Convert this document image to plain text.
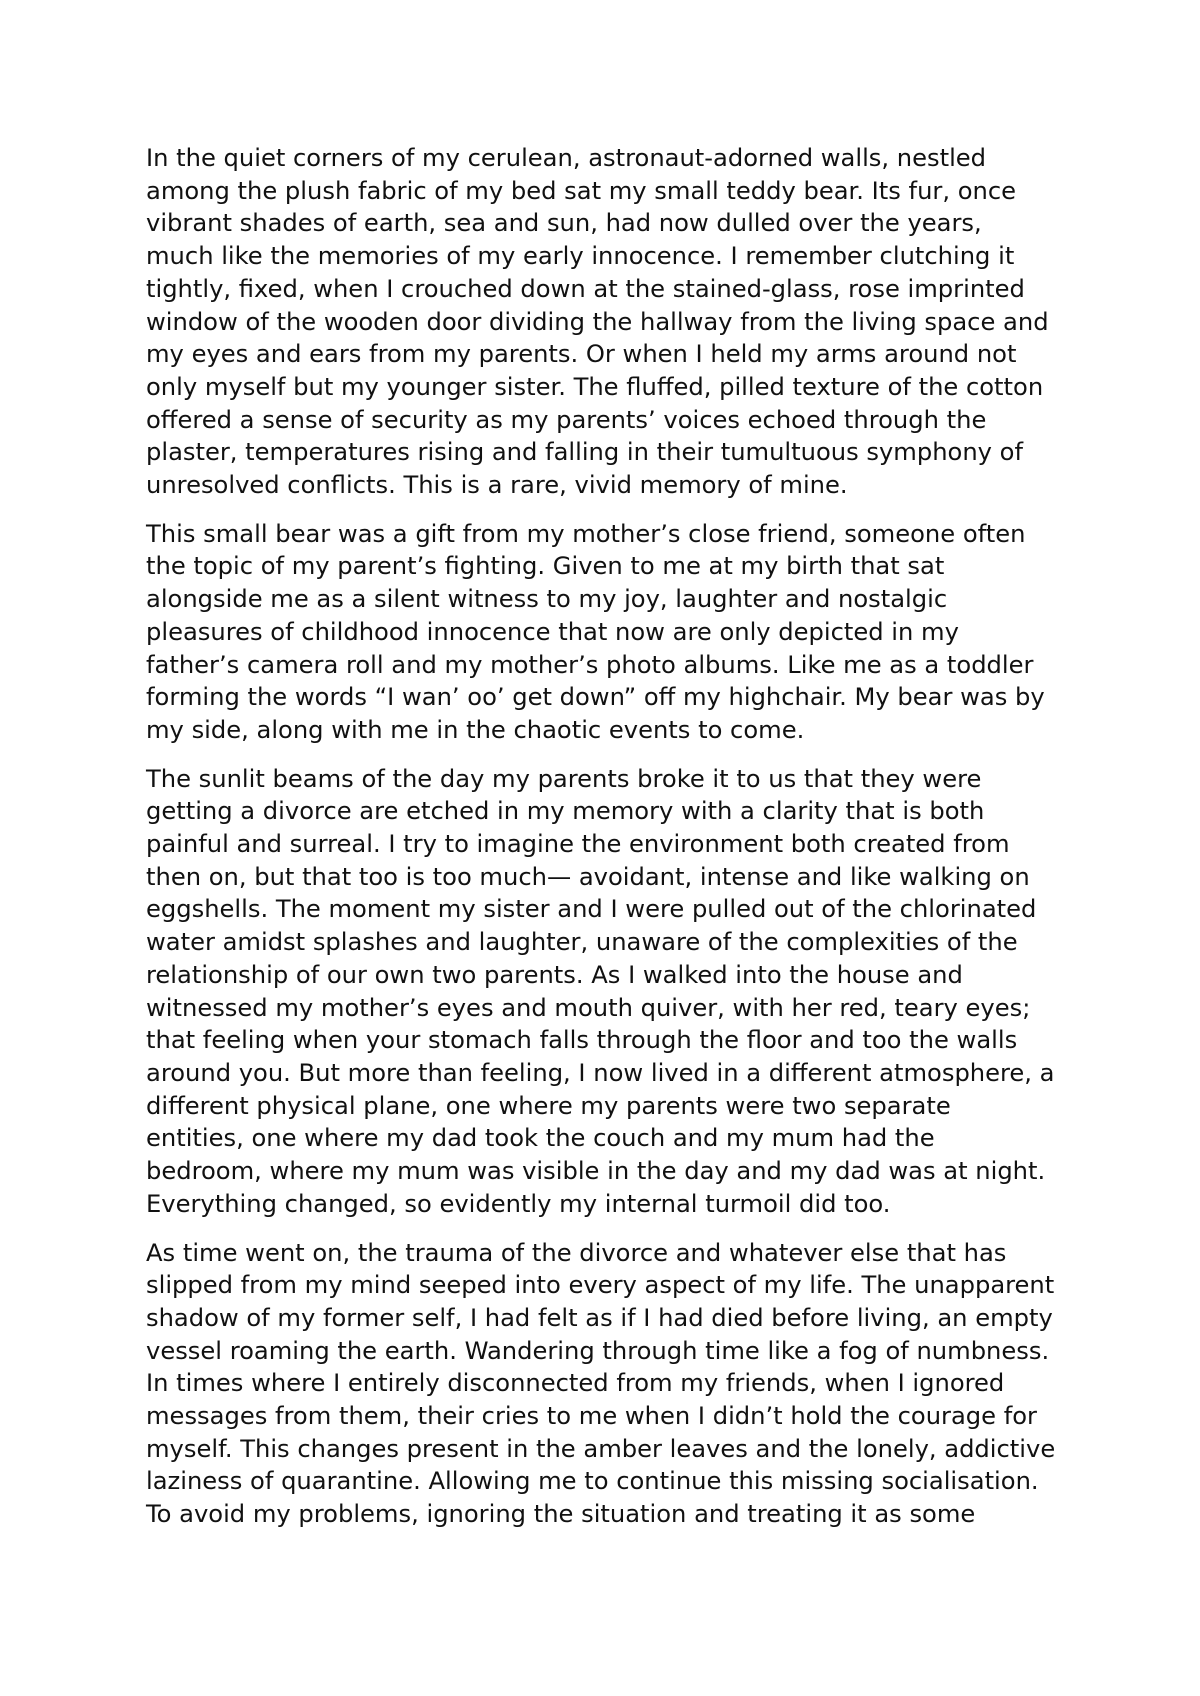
In the quiet corners of my cerulean, astronaut-adorned walls, nestled
among the plush fabric of my bed sat my small teddy bear. Its fur, once
vibrant shades of earth, sea and sun, had now dulled over the years,
much like the memories of my early innocence. I remember clutching it
tightly, fixed, when I crouched down at the stained-glass, rose imprinted
window of the wooden door dividing the hallway from the living space and
my eyes and ears from my parents. Or when I held my arms around not
only myself but my younger sister. The fluffed, pilled texture of the cotton
offered a sense of security as my parents’ voices echoed through the
plaster, temperatures rising and falling in their tumultuous symphony of
unresolved conflicts. This is a rare, vivid memory of mine.

This small bear was a gift from my mother’s close friend, someone often
the topic of my parent’s fighting. Given to me at my birth that sat
alongside me as a silent witness to my joy, laughter and nostalgic
pleasures of childhood innocence that now are only depicted in my
father’s camera roll and my mother’s photo albums. Like me as a toddler
forming the words “I wan’ oo’ get down” off my highchair. My bear was by
my side, along with me in the chaotic events to come.

The sunlit beams of the day my parents broke it to us that they were
getting a divorce are etched in my memory with a clarity that is both
painful and surreal. I try to imagine the environment both created from
then on, but that too is too much— avoidant, intense and like walking on
eggshells. The moment my sister and I were pulled out of the chlorinated
water amidst splashes and laughter, unaware of the complexities of the
relationship of our own two parents. As I walked into the house and
witnessed my mother’s eyes and mouth quiver, with her red, teary eyes;
that feeling when your stomach falls through the floor and too the walls
around you. But more than feeling, I now lived in a different atmosphere, a
different physical plane, one where my parents were two separate
entities, one where my dad took the couch and my mum had the
bedroom, where my mum was visible in the day and my dad was at night.
Everything changed, so evidently my internal turmoil did too.

As time went on, the trauma of the divorce and whatever else that has
slipped from my mind seeped into every aspect of my life. The unapparent
shadow of my former self, I had felt as if I had died before living, an empty
vessel roaming the earth. Wandering through time like a fog of numbness.
In times where I entirely disconnected from my friends, when I ignored
messages from them, their cries to me when I didn’t hold the courage for
myself. This changes present in the amber leaves and the lonely, addictive
laziness of quarantine. Allowing me to continue this missing socialisation.
To avoid my problems, ignoring the situation and treating it as some
